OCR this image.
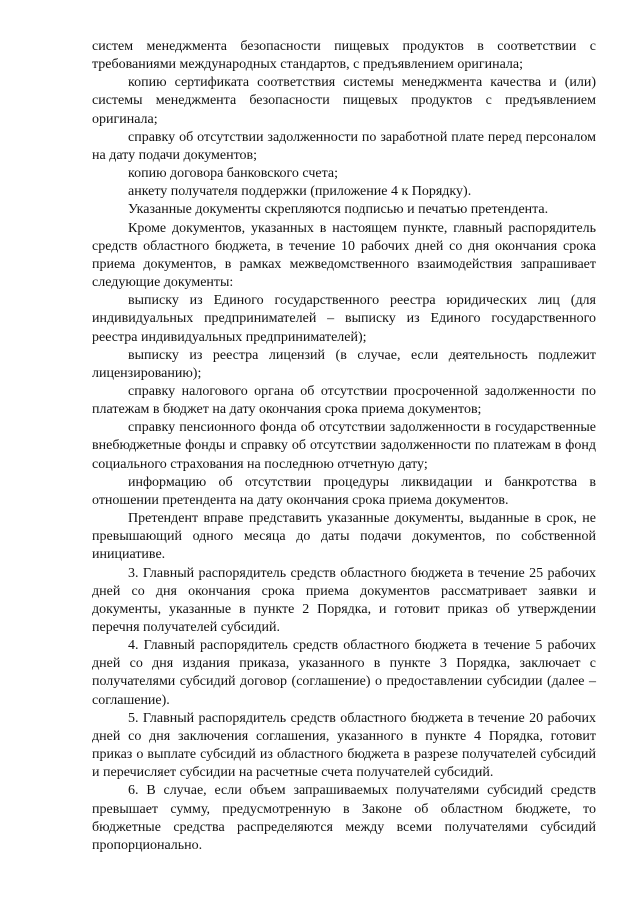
систем менеджмента безопасности пищевых продуктов в соответствии с требованиями международных стандартов, с предъявлением оригинала;

копию сертификата соответствия системы менеджмента качества и (или) системы менеджмента безопасности пищевых продуктов с предъявлением оригинала;

справку об отсутствии задолженности по заработной плате перед персоналом на дату подачи документов;

копию договора банковского счета;

анкету получателя поддержки (приложение 4 к Порядку).

Указанные документы скрепляются подписью и печатью претендента.

Кроме документов, указанных в настоящем пункте, главный распорядитель средств областного бюджета, в течение 10 рабочих дней со дня окончания срока приема документов, в рамках межведомственного взаимодействия запрашивает следующие документы:

выписку из Единого государственного реестра юридических лиц (для индивидуальных предпринимателей – выписку из Единого государственного реестра индивидуальных предпринимателей);

выписку из реестра лицензий (в случае, если деятельность подлежит лицензированию);

справку налогового органа об отсутствии просроченной задолженности по платежам в бюджет на дату окончания срока приема документов;

справку пенсионного фонда об отсутствии задолженности в государственные внебюджетные фонды и справку об отсутствии задолженности по платежам в фонд социального страхования на последнюю отчетную дату;

информацию об отсутствии процедуры ликвидации и банкротства в отношении претендента на дату окончания срока приема документов.

Претендент вправе представить указанные документы, выданные в срок, не превышающий одного месяца до даты подачи документов, по собственной инициативе.

3. Главный распорядитель средств областного бюджета в течение 25 рабочих дней со дня окончания срока приема документов рассматривает заявки и документы, указанные в пункте 2 Порядка, и готовит приказ об утверждении перечня получателей субсидий.

4. Главный распорядитель средств областного бюджета в течение 5 рабочих дней со дня издания приказа, указанного в пункте 3 Порядка, заключает с получателями субсидий договор (соглашение) о предоставлении субсидии (далее – соглашение).

5. Главный распорядитель средств областного бюджета в течение 20 рабочих дней со дня заключения соглашения, указанного в пункте 4 Порядка, готовит приказ о выплате субсидий из областного бюджета в разрезе получателей субсидий и перечисляет субсидии на расчетные счета получателей субсидий.

6. В случае, если объем запрашиваемых получателями субсидий средств превышает сумму, предусмотренную в Законе об областном бюджете, то бюджетные средства распределяются между всеми получателями субсидий пропорционально.
